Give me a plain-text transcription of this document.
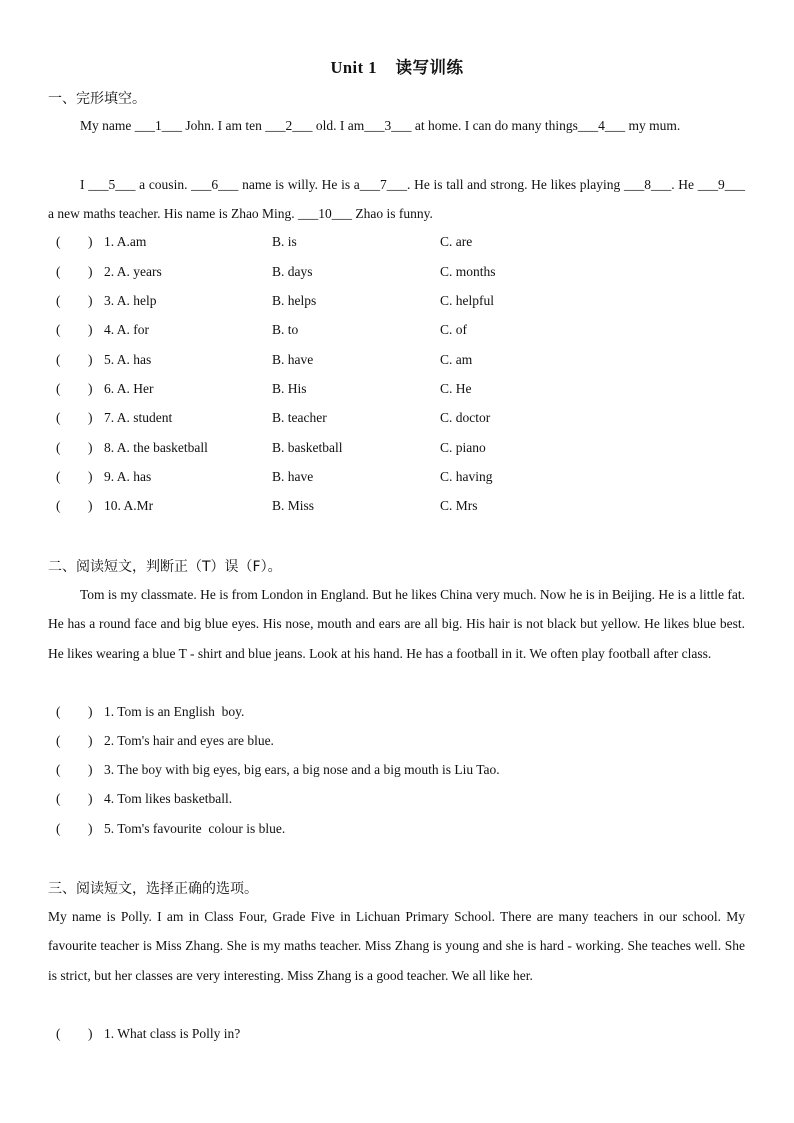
Unit 1    读写训练
一、完形填空。
My name ___1___ John. I am ten ___2___ old. I am___3___ at home. I can do many things___4___ my mum.
I ___5___ a cousin. ___6___ name is willy. He is a___7___. He is tall and strong. He likes playing ___8___. He ___9___ a new maths teacher. His name is Zhao Ming. ___10___ Zhao is funny.
( ) 1. A.am	B. is	C. are
( ) 2. A. years	B. days	C. months
( ) 3. A. help	B. helps	C. helpful
( ) 4. A. for	B. to	C. of
( ) 5. A. has	B. have	C. am
( ) 6. A. Her	B. His	C. He
( ) 7. A. student	B. teacher	C. doctor
( ) 8. A. the basketball	B. basketball	C. piano
( ) 9. A. has	B. have	C. having
( ) 10. A.Mr	B. Miss	C. Mrs
二、阅读短文，判断正（T）误（F）。
Tom is my classmate. He is from London in England. But he likes China very much. Now he is in Beijing. He is a little fat. He has a round face and big blue eyes. His nose, mouth and ears are all big. His hair is not black but yellow. He likes blue best. He likes wearing a blue T - shirt and blue jeans. Look at his hand. He has a football in it. We often play football after class.
( ) 1. Tom is an English  boy.
( ) 2. Tom's hair and eyes are blue.
( ) 3. The boy with big eyes, big ears, a big nose and a big mouth is Liu Tao.
( ) 4. Tom likes basketball.
( ) 5. Tom's favourite  colour is blue.
三、阅读短文，选择正确的选项。
My name is Polly. I am in Class Four, Grade Five in Lichuan Primary School. There are many teachers in our school. My favourite teacher is Miss Zhang. She is my maths teacher. Miss Zhang is young and she is hard - working. She teaches well. She is strict, but her classes are very interesting. Miss Zhang is a good teacher. We all like her.
( ) 1. What class is Polly in?
